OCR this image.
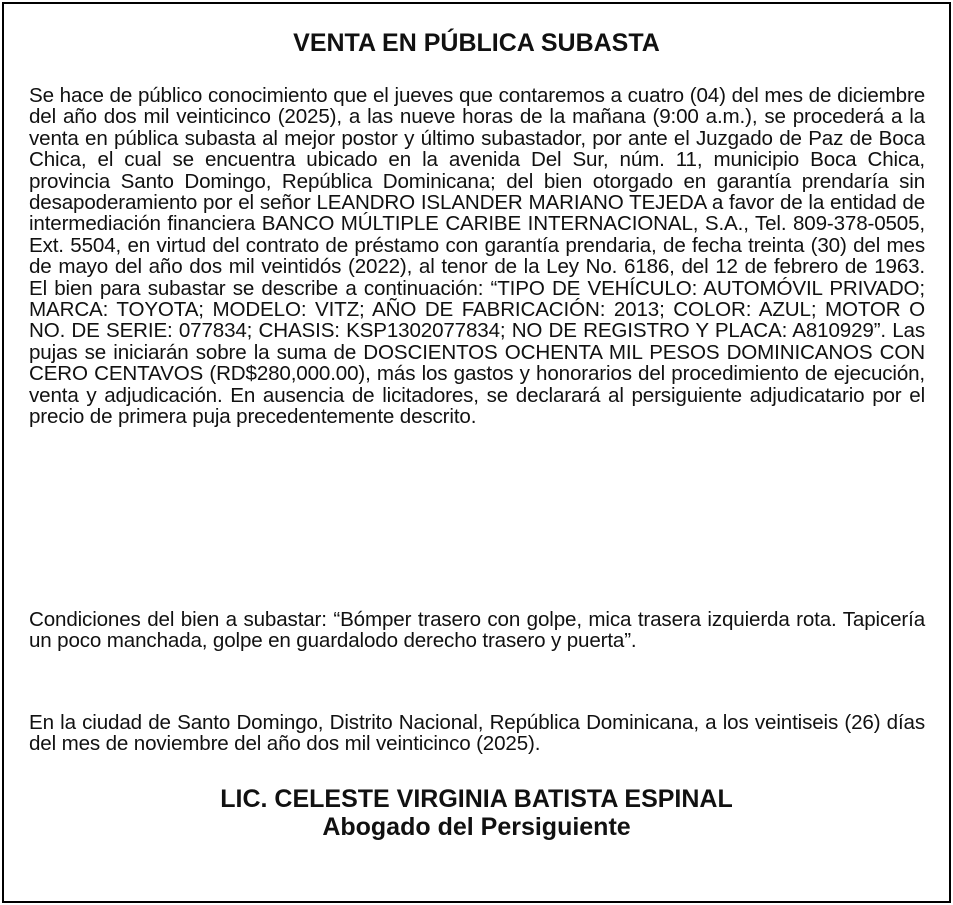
VENTA EN PÚBLICA SUBASTA

Se hace de público conocimiento que el jueves que contaremos a cuatro (04) del mes de diciembre del año dos mil veinticinco (2025), a las nueve horas de la mañana (9:00 a.m.), se procederá a la venta en pública subasta al mejor postor y último subastador, por ante el Juzgado de Paz de Boca Chica, el cual se encuentra ubicado en la avenida Del Sur, núm. 11, municipio Boca Chica, provincia Santo Domingo, República Dominicana; del bien otorgado en garantía prendaría sin desapoderamiento por el señor LEANDRO ISLANDER MARIANO TEJEDA a favor de la entidad de intermediación financiera BANCO MÚLTIPLE CARIBE INTERNACIONAL, S.A., Tel. 809-378-0505, Ext. 5504, en virtud del contrato de préstamo con garantía prendaria, de fecha treinta (30) del mes de mayo del año dos mil veintidós (2022), al tenor de la Ley No. 6186, del 12 de febrero de 1963. El bien para subastar se describe a continuación: “TIPO DE VEHÍCULO: AUTOMÓVIL PRIVADO; MARCA: TOYOTA; MODELO: VITZ; AÑO DE FABRICACIÓN: 2013; COLOR: AZUL; MOTOR O NO. DE SERIE: 077834; CHASIS: KSP1302077834; NO DE REGISTRO Y PLACA: A810929”. Las pujas se iniciarán sobre la suma de DOSCIENTOS OCHENTA MIL PESOS DOMINICANOS CON CERO CENTAVOS (RD$280,000.00), más los gastos y honorarios del procedimiento de ejecución, venta y adjudicación. En ausencia de licitadores, se declarará al persiguiente adjudicatario por el precio de primera puja precedentemente descrito.

Condiciones del bien a subastar: “Bómper trasero con golpe, mica trasera izquierda rota. Tapicería un poco manchada, golpe en guardalodo derecho trasero y puerta”.

En la ciudad de Santo Domingo, Distrito Nacional, República Dominicana, a los veintiseis (26) días del mes de noviembre del año dos mil veinticinco (2025).

LIC. CELESTE VIRGINIA BATISTA ESPINAL
Abogado del Persiguiente
